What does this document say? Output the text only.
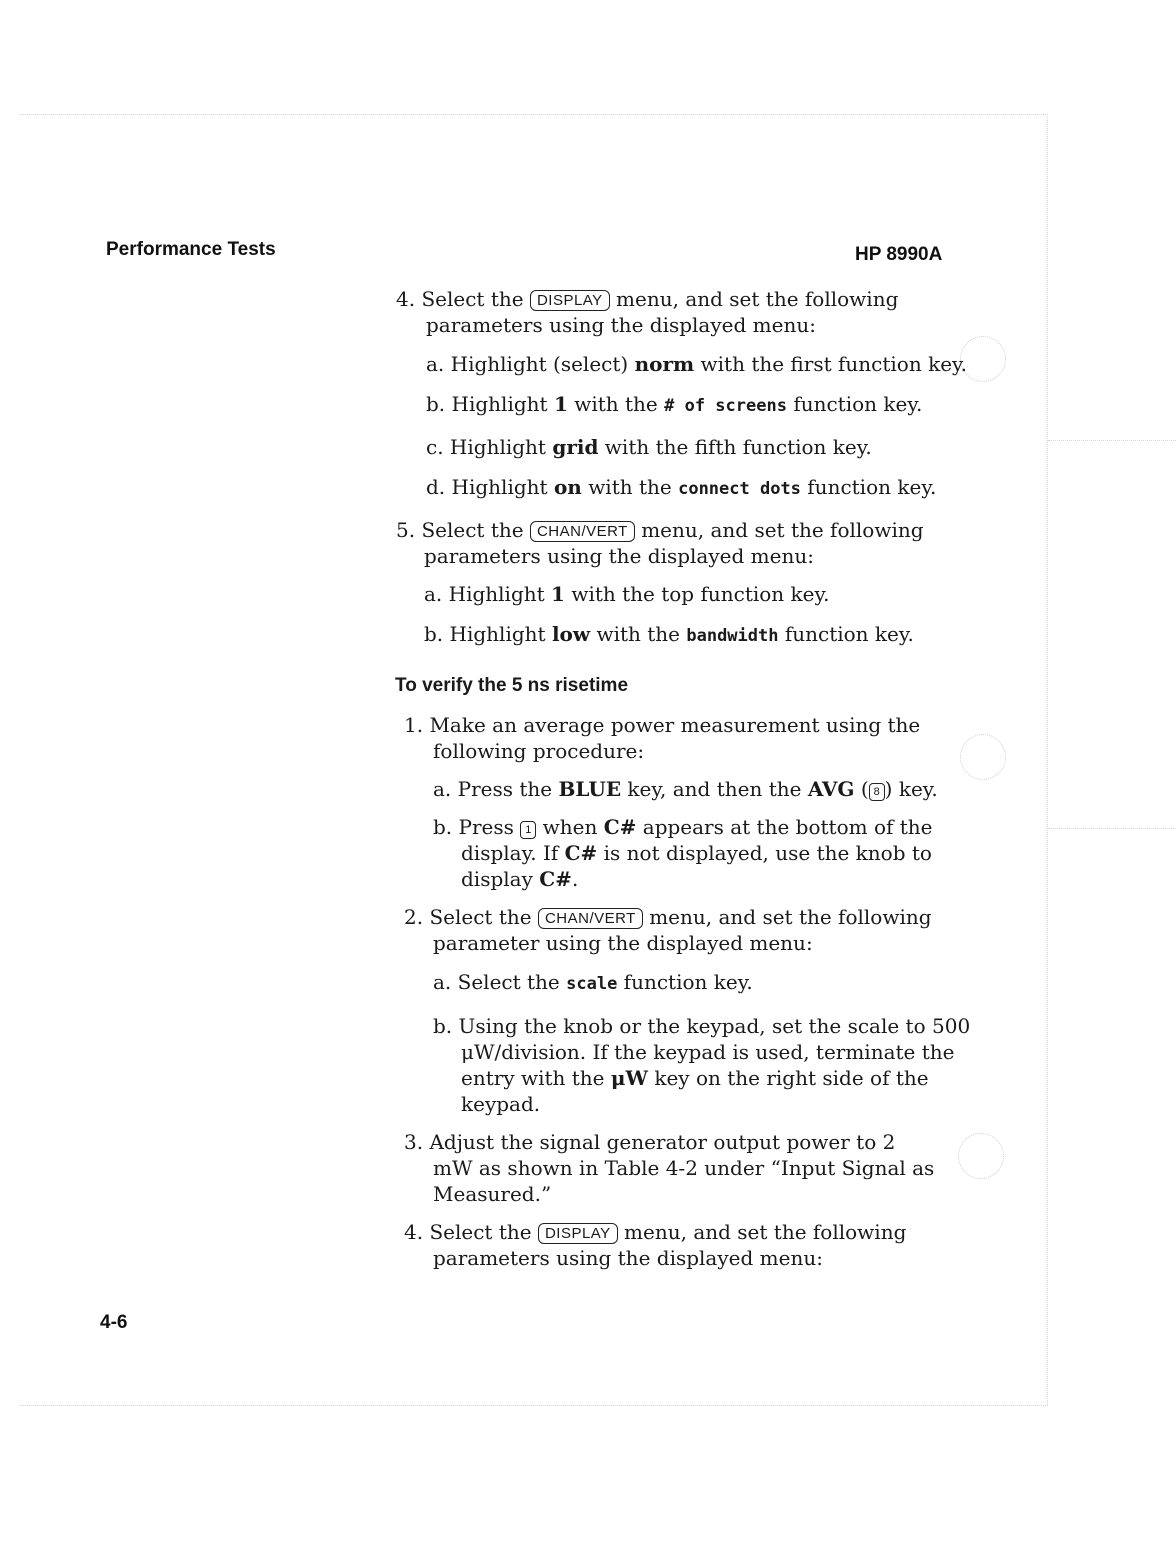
Performance Tests	HP 8990A
4. Select the DISPLAY menu, and set the following
parameters using the displayed menu:
a. Highlight (select) norm with the first function key.
b. Highlight 1 with the # of screens function key.
c. Highlight grid with the fifth function key.
d. Highlight on with the connect dots function key.
5. Select the CHAN/VERT menu, and set the following
parameters using the displayed menu:
a. Highlight 1 with the top function key.
b. Highlight low with the bandwidth function key.
To verify the 5 ns risetime
1. Make an average power measurement using the
following procedure:
a. Press the BLUE key, and then the AVG ( 8 ) key.
b. Press 1 when C# appears at the bottom of the
display. If C# is not displayed, use the knob to
display C#.
2. Select the CHAN/VERT menu, and set the following
parameter using the displayed menu:
a. Select the scale function key.
b. Using the knob or the keypad, set the scale to 500
μW/division. If the keypad is used, terminate the
entry with the μW key on the right side of the
keypad.
3. Adjust the signal generator output power to 2
mW as shown in Table 4-2 under “Input Signal as
Measured.”
4. Select the DISPLAY menu, and set the following
parameters using the displayed menu:
4-6
